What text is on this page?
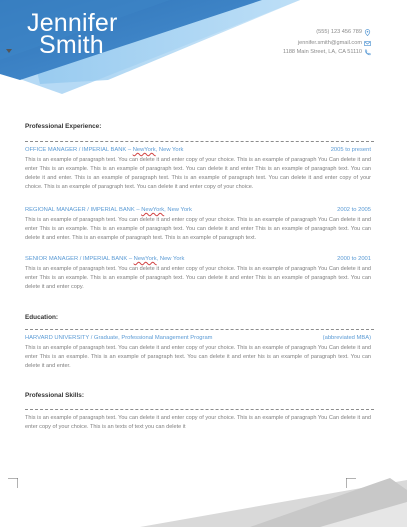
Jennifer
Smith	(555) 123 456 789
jennifer.smith@gmail.com
1188 Main Street, LA, CA 51110
Professional Experience:
OFFICE MANAGER / IMPERIAL BANK – NewYork, New York	2005 to present
This is an example of paragraph text. You can delete it and enter copy of your choice. This is an example of paragraph You Can delete it and enter This is an example. This is an example of paragraph text. You can delete it and enter This is an example of paragraph text. You can delete it and enter. This is an example of paragraph text. This is an example of paragraph text. You can delete it and enter copy of your choice. This is an example of paragraph text. You can delete it and enter copy of your choice.
REGIONAL MANAGER / IMPERIAL BANK – NewYork, New York	2002 to 2005
This is an example of paragraph text. You can delete it and enter copy of your choice. This is an example of paragraph You Can delete it and enter This is an example. This is an example of paragraph text. You can delete it and enter This is an example of paragraph text. You can delete it and enter. This is an example of paragraph text. This is an example of paragraph text.
SENIOR MANAGER / IMPERIAL BANK – NewYork, New York	2000 to 2001
This is an example of paragraph text. You can delete it and enter copy of your choice. This is an example of paragraph You Can delete it and enter This is an example. This is an example of paragraph text. You can delete it and enter This is an example of paragraph text. You can delete it and enter copy.
Education:
HARVARD UNIVERSITY / Graduate, Professional Management Program	(abbreviated MBA)
This is an example of paragraph text. You can delete it and enter copy of your choice. This is an example of paragraph You Can delete it and enter This is an example. This is an example of paragraph text. You can delete it and enter his is an example of paragraph text. You can delete it and enter.
Professional Skills:
This is an example of paragraph text. You can delete it and enter copy of your choice. This is an example of paragraph You Can delete it and enter copy of your choice. This is an texts of text you can delete it
